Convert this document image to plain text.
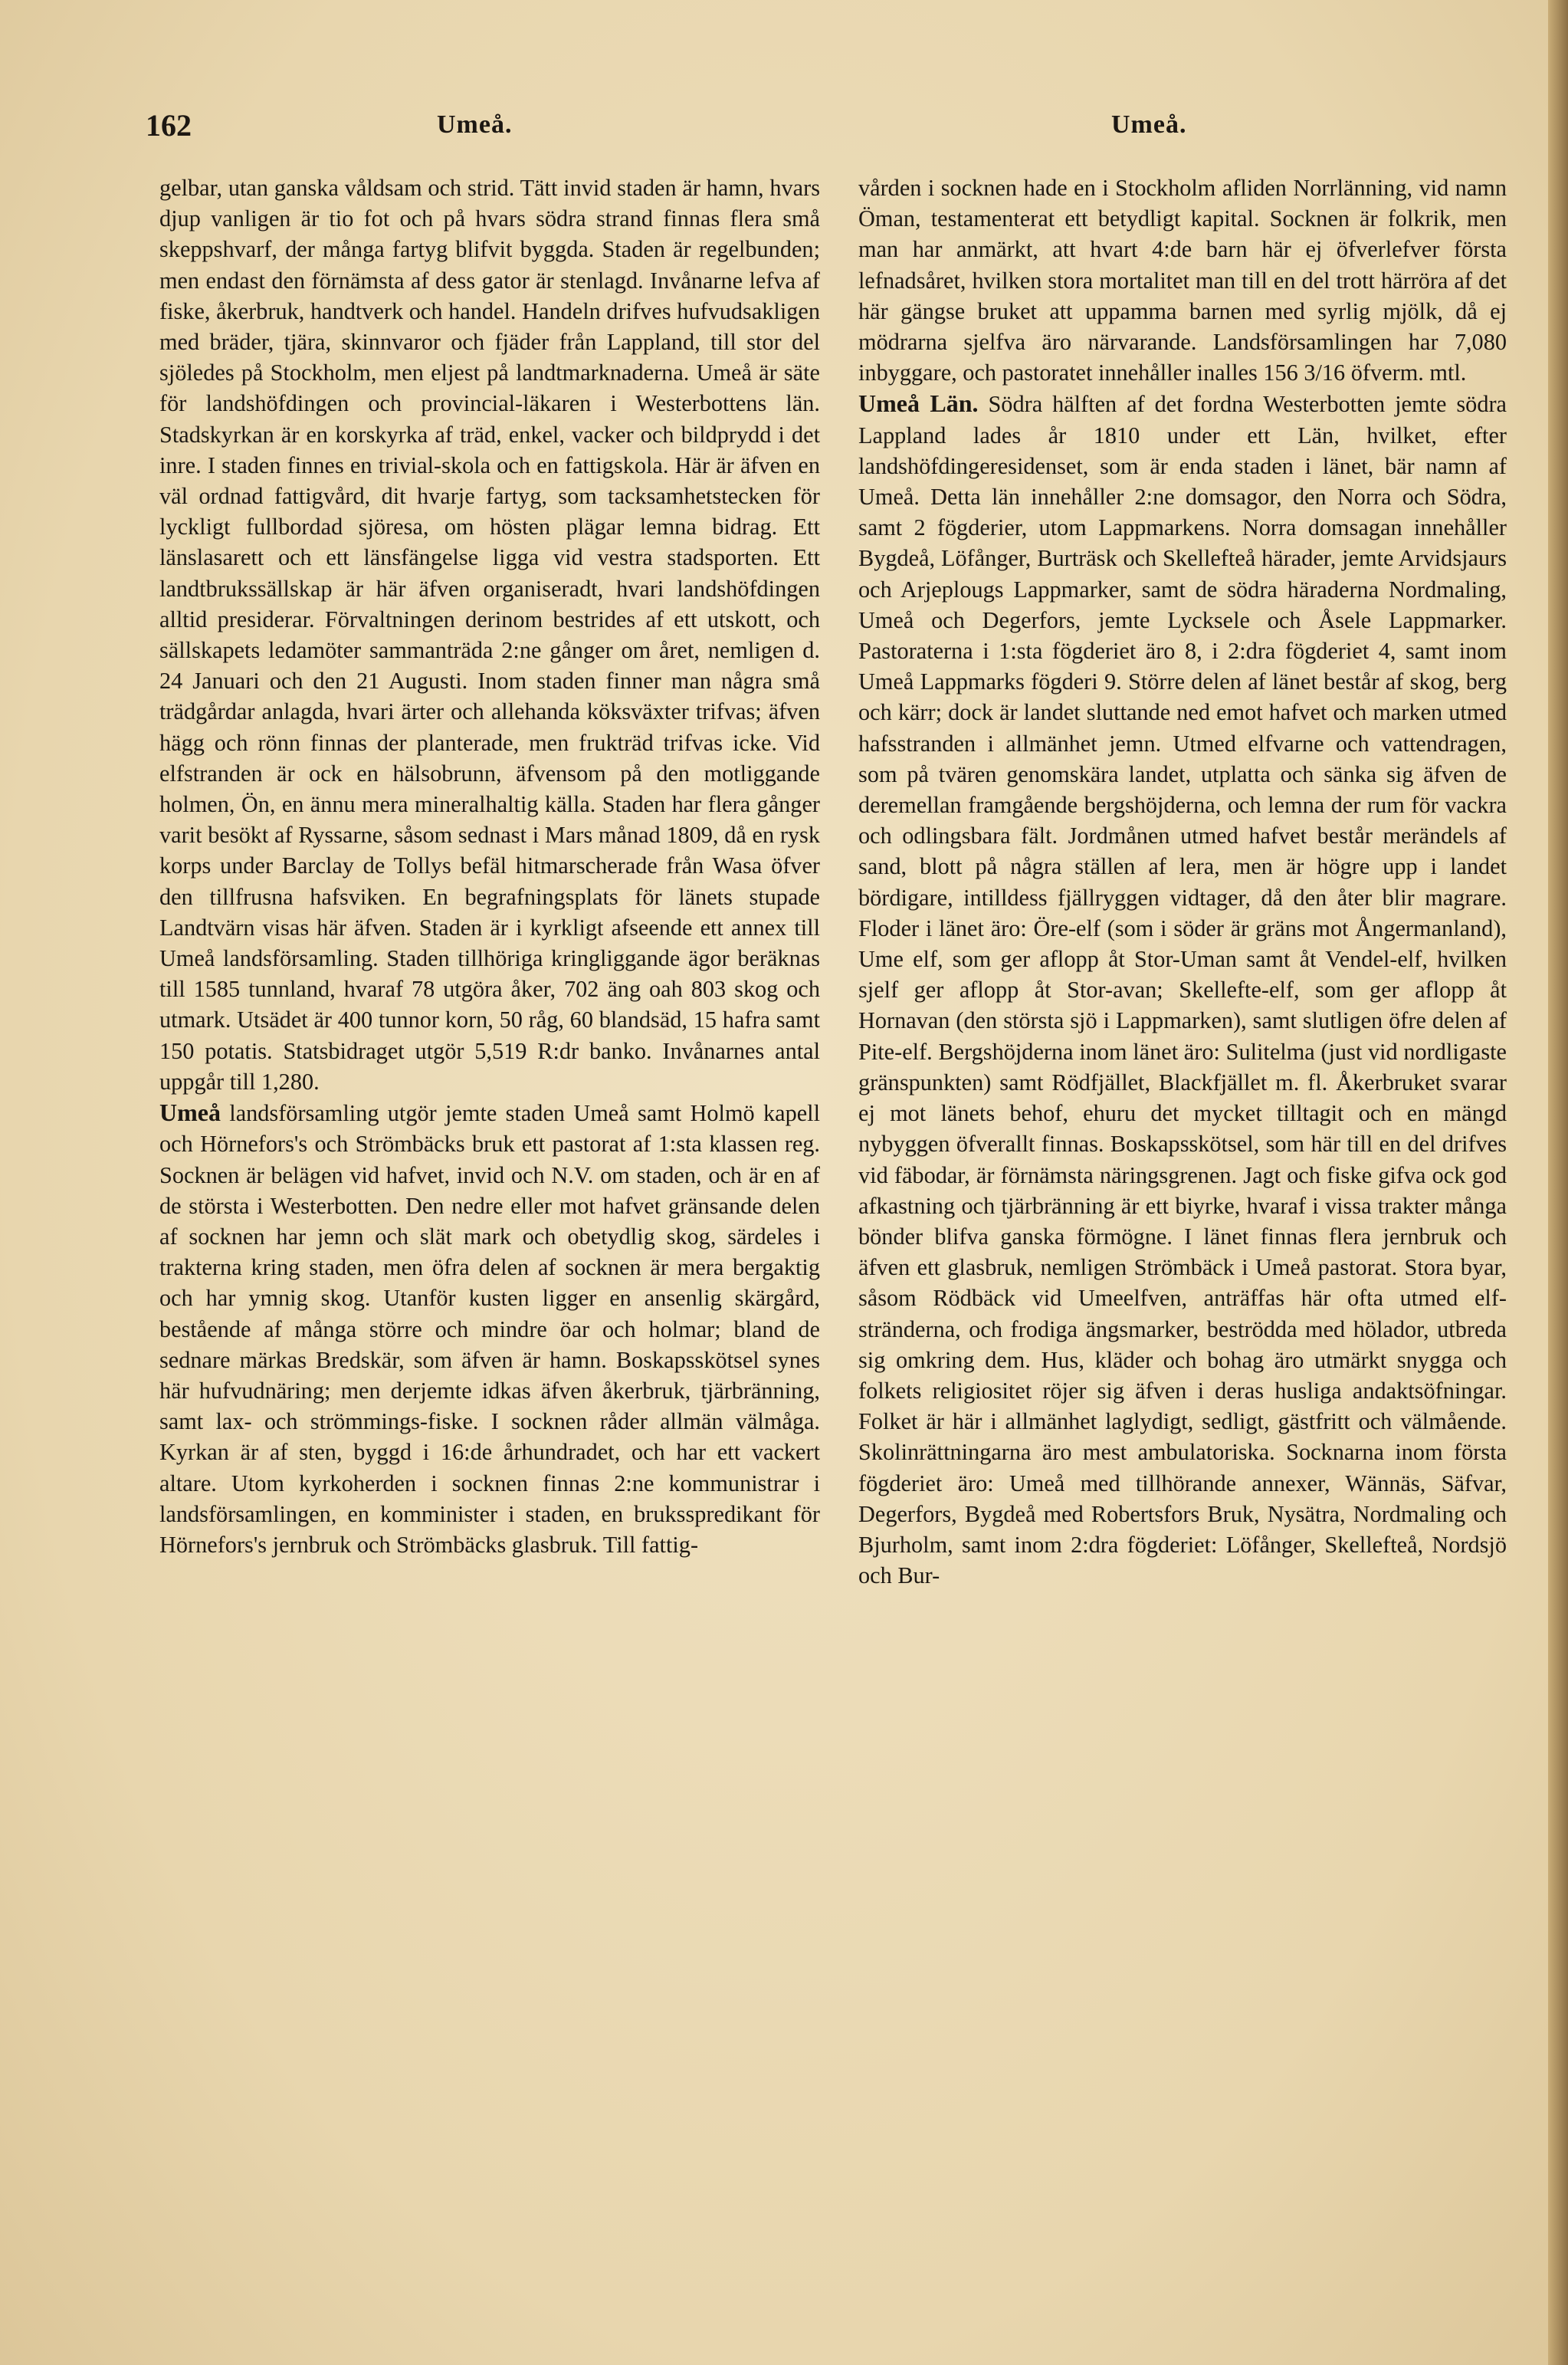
162	Umeå.	Umeå.

gelbar, utan ganska våldsam och strid. Tätt invid staden är hamn, hvars djup vanligen är tio fot och på hvars södra strand finnas flera små skeppshvarf, der många fartyg blifvit byggda. Staden är regelbunden; men endast den förnämsta af dess gator är stenlagd. Invånarne lefva af fiske, åkerbruk, handtverk och handel. Handeln drifves hufvudsakligen med bräder, tjära, skinnvaror och fjäder från Lappland, till stor del sjöledes på Stockholm, men eljest på landtmarknaderna. Umeå är säte för landshöfdingen och provincial-läkaren i Westerbottens län. Stadskyrkan är en korskyrka af träd, enkel, vacker och bildprydd i det inre. I staden finnes en trivial-skola och en fattigskola. Här är äfven en väl ordnad fattigvård, dit hvarje fartyg, som tacksamhetstecken för lyckligt fullbordad sjöresa, om hösten plägar lemna bidrag. Ett länslasarett och ett länsfängelse ligga vid vestra stadsporten. Ett landtbrukssällskap är här äfven organiseradt, hvari landshöfdingen alltid presiderar. Förvaltningen derinom bestrides af ett utskott, och sällskapets ledamöter sammanträda 2:ne gånger om året, nemligen d. 24 Januari och den 21 Augusti. Inom staden finner man några små trädgårdar anlagda, hvari ärter och allehanda köksväxter trifvas; äfven hägg och rönn finnas der planterade, men frukträd trifvas icke. Vid elfstranden är ock en hälsobrunn, äfvensom på den motliggande holmen, Ön, en ännu mera mineralhaltig källa. Staden har flera gånger varit besökt af Ryssarne, såsom sednast i Mars månad 1809, då en rysk korps under Barclay de Tollys befäl hitmarscherade från Wasa öfver den tillfrusna hafsviken. En begrafningsplats för länets stupade Landtvärn visas här äfven. Staden är i kyrkligt afseende ett annex till Umeå landsförsamling. Staden tillhöriga kringliggande ägor beräknas till 1585 tunnland, hvaraf 78 utgöra åker, 702 äng oah 803 skog och utmark. Utsädet är 400 tunnor korn, 50 råg, 60 blandsäd, 15 hafra samt 150 potatis. Statsbidraget utgör 5,519 R:dr banko. Invånarnes antal uppgår till 1,280.

Umeå landsförsamling utgör jemte staden Umeå samt Holmö kapell och Hörnefors's och Strömbäcks bruk ett pastorat af 1:sta klassen reg. Socknen är belägen vid hafvet, invid och N.V. om staden, och är en af de största i Westerbotten. Den nedre eller mot hafvet gränsande delen af socknen har jemn och slät mark och obetydlig skog, särdeles i trakterna kring staden, men öfra delen af socknen är mera bergaktig och har ymnig skog. Utanför kusten ligger en ansenlig skärgård, bestående af många större och mindre öar och holmar; bland de sednare märkas Bredskär, som äfven är hamn. Boskapsskötsel synes här hufvudnäring; men derjemte idkas äfven åkerbruk, tjärbränning, samt lax- och strömmings-fiske. I socknen råder allmän välmåga. Kyrkan är af sten, byggd i 16:de århundradet, och har ett vackert altare. Utom kyrkoherden i socknen finnas 2:ne kommunistrar i landsförsamlingen, en komminister i staden, en bruksspredikant för Hörnefors's jernbruk och Strömbäcks glasbruk. Till fattig-

vården i socknen hade en i Stockholm afliden Norrlänning, vid namn Öman, testamenterat ett betydligt kapital. Socknen är folkrik, men man har anmärkt, att hvart 4:de barn här ej öfverlefver första lefnadsåret, hvilken stora mortalitet man till en del trott härröra af det här gängse bruket att uppamma barnen med syrlig mjölk, då ej mödrarna sjelfva äro närvarande. Landsförsamlingen har 7,080 inbyggare, och pastoratet innehåller inalles 156 3/16 öfverm. mtl.

Umeå Län. Södra hälften af det fordna Westerbotten jemte södra Lappland lades år 1810 under ett Län, hvilket, efter landshöfdingeresidenset, som är enda staden i länet, bär namn af Umeå. Detta län innehåller 2:ne domsagor, den Norra och Södra, samt 2 fögderier, utom Lappmarkens. Norra domsagan innehåller Bygdeå, Löfånger, Burträsk och Skellefteå härader, jemte Arvidsjaurs och Arjeplougs Lappmarker, samt de södra häraderna Nordmaling, Umeå och Degerfors, jemte Lycksele och Åsele Lappmarker. Pastoraterna i 1:sta fögderiet äro 8, i 2:dra fögderiet 4, samt inom Umeå Lappmarks fögderi 9. Större delen af länet består af skog, berg och kärr; dock är landet sluttande ned emot hafvet och marken utmed hafsstranden i allmänhet jemn. Utmed elfvarne och vattendragen, som på tvären genomskära landet, utplatta och sänka sig äfven de deremellan framgående bergshöjderna, och lemna der rum för vackra och odlingsbara fält. Jordmånen utmed hafvet består merändels af sand, blott på några ställen af lera, men är högre upp i landet bördigare, intilldess fjällryggen vidtager, då den åter blir magrare. Floder i länet äro: Öre-elf (som i söder är gräns mot Ångermanland), Ume elf, som ger aflopp åt Stor-Uman samt åt Vendel-elf, hvilken sjelf ger aflopp åt Stor-avan; Skellefte-elf, som ger aflopp åt Hornavan (den största sjö i Lappmarken), samt slutligen öfre delen af Pite-elf. Bergshöjderna inom länet äro: Sulitelma (just vid nordligaste gränspunkten) samt Rödfjället, Blackfjället m. fl. Åkerbruket svarar ej mot länets behof, ehuru det mycket tilltagit och en mängd nybyggen öfverallt finnas. Boskapsskötsel, som här till en del drifves vid fäbodar, är förnämsta näringsgrenen. Jagt och fiske gifva ock god afkastning och tjärbränning är ett biyrke, hvaraf i vissa trakter många bönder blifva ganska förmögne. I länet finnas flera jernbruk och äfven ett glasbruk, nemligen Strömbäck i Umeå pastorat. Stora byar, såsom Rödbäck vid Umeelfven, anträffas här ofta utmed elf-stränderna, och frodiga ängsmarker, beströdda med hölador, utbreda sig omkring dem. Hus, kläder och bohag äro utmärkt snygga och folkets religiositet röjer sig äfven i deras husliga andaktsöfningar. Folket är här i allmänhet laglydigt, sedligt, gästfritt och välmående. Skolinrättningarna äro mest ambulatoriska. Socknarna inom första fögderiet äro: Umeå med tillhörande annexer, Wännäs, Säfvar, Degerfors, Bygdeå med Robertsfors Bruk, Nysätra, Nordmaling och Bjurholm, samt inom 2:dra fögderiet: Löfånger, Skellefteå, Nordsjö och Bur-
